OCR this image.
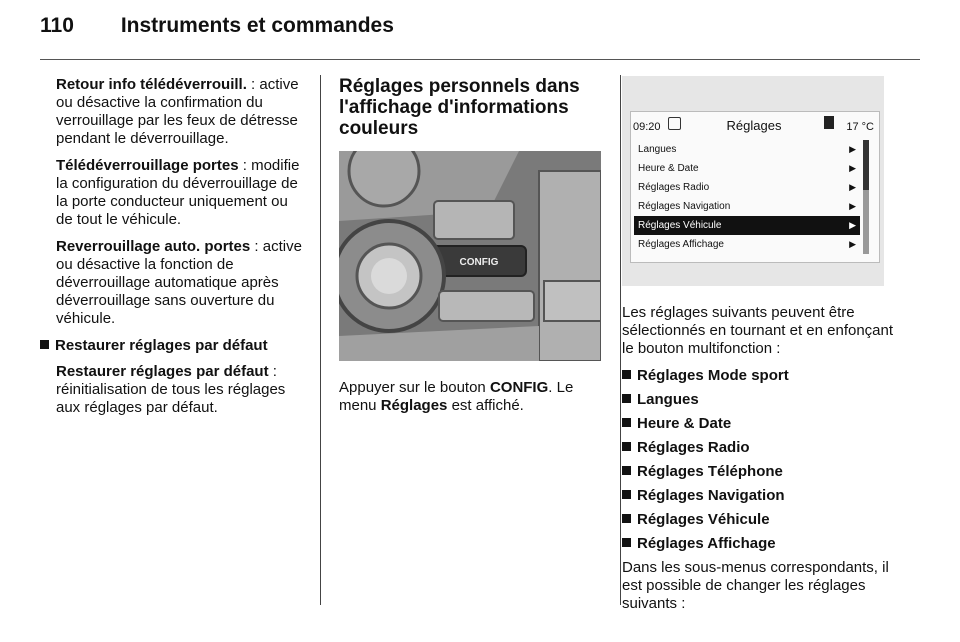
110 Instruments et commandes

Retour info télédéverrouill. : active ou désactive la confirmation du verrouillage par les feux de détresse pendant le déverrouillage.

Télédéverrouillage portes : modifie la configuration du déverrouillage de la porte conducteur uniquement ou de tout le véhicule.

Reverrouillage auto. portes : active ou désactive la fonction de déverrouillage automatique après déverrouillage sans ouverture du véhicule.

Restaurer réglages par défaut

Restaurer réglages par défaut : réinitialisation de tous les réglages aux réglages par défaut.

Réglages personnels dans l'affichage d'informations couleurs
CONFIG

Appuyer sur le bouton CONFIG. Le menu Réglages est affiché.

09:20	Réglages	17 °C
Langues	▶
Heure & Date	▶
Réglages Radio	▶
Réglages Navigation	▶
Réglages Véhicule	▶
Réglages Affichage	▶

Les réglages suivants peuvent être sélectionnés en tournant et en enfonçant le bouton multifonction :

Réglages Mode sport
Langues
Heure & Date
Réglages Radio
Réglages Téléphone
Réglages Navigation
Réglages Véhicule
Réglages Affichage

Dans les sous-menus correspondants, il est possible de changer les réglages suivants :
